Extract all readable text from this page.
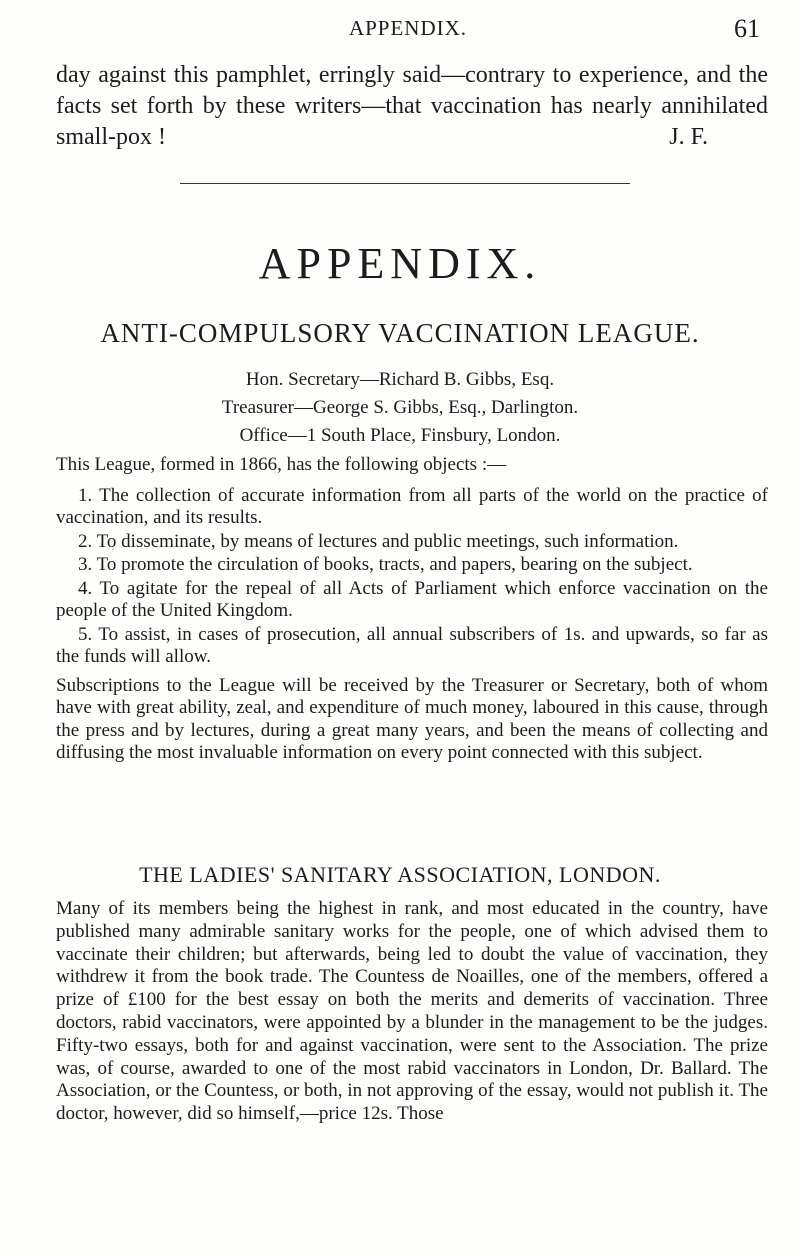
APPENDIX.	61
day against this pamphlet, erringly said—contrary to experience, and the facts set forth by these writers—that vaccination has nearly annihilated small-pox !	J. F.
APPENDIX.
ANTI-COMPULSORY VACCINATION LEAGUE.
Hon. Secretary—Richard B. Gibbs, Esq.
Treasurer—George S. Gibbs, Esq., Darlington.
Office—1 South Place, Finsbury, London.

This League, formed in 1866, has the following objects :—

1. The collection of accurate information from all parts of the world on the practice of vaccination, and its results.

2. To disseminate, by means of lectures and public meetings, such information.

3. To promote the circulation of books, tracts, and papers, bearing on the subject.

4. To agitate for the repeal of all Acts of Parliament which enforce vaccination on the people of the United Kingdom.

5. To assist, in cases of prosecution, all annual subscribers of 1s. and upwards, so far as the funds will allow.

Subscriptions to the League will be received by the Treasurer or Secretary, both of whom have with great ability, zeal, and expenditure of much money, laboured in this cause, through the press and by lectures, during a great many years, and been the means of collecting and diffusing the most invaluable information on every point connected with this subject.

THE LADIES' SANITARY ASSOCIATION, LONDON.

Many of its members being the highest in rank, and most educated in the country, have published many admirable sanitary works for the people, one of which advised them to vaccinate their children; but afterwards, being led to doubt the value of vaccination, they withdrew it from the book trade. The Countess de Noailles, one of the members, offered a prize of £100 for the best essay on both the merits and demerits of vaccination. Three doctors, rabid vaccinators, were appointed by a blunder in the management to be the judges. Fifty-two essays, both for and against vaccination, were sent to the Association. The prize was, of course, awarded to one of the most rabid vaccinators in London, Dr. Ballard. The Association, or the Countess, or both, in not approving of the essay, would not publish it. The doctor, however, did so himself,—price 12s. Those
